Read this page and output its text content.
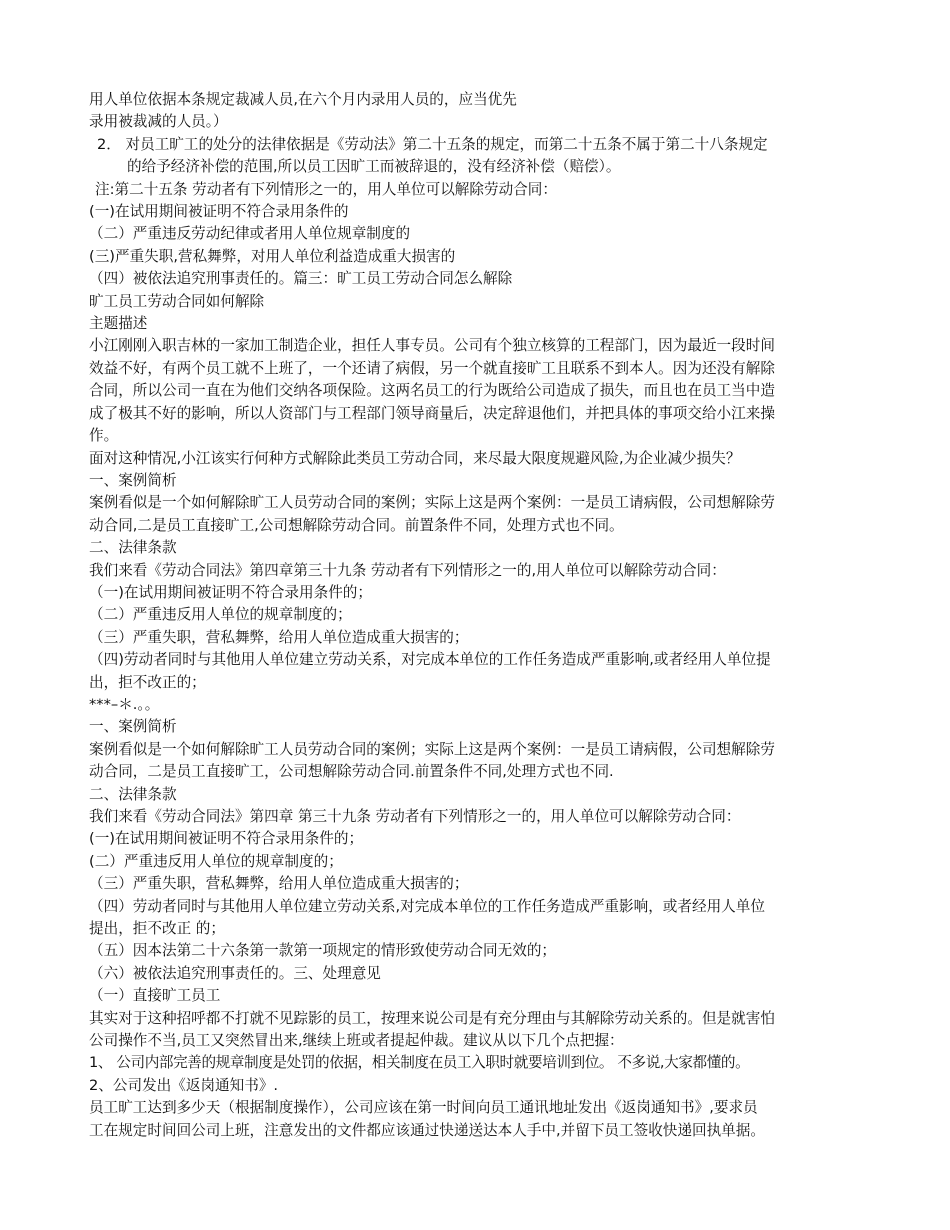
用人单位依据本条规定裁减人员,在六个月内录用人员的，应当优先

录用被裁减的人员。）

2． 对员工旷工的处分的法律依据是《劳动法》第二十五条的规定，而第二十五条不属于第二十八条规定

的给予经济补偿的范围,所以员工因旷工而被辞退的，没有经济补偿（赔偿）。

注:第二十五条 劳动者有下列情形之一的，用人单位可以解除劳动合同：

(一)在试用期间被证明不符合录用条件的

（二）严重违反劳动纪律或者用人单位规章制度的

(三)严重失职,营私舞弊，对用人单位利益造成重大损害的

（四）被依法追究刑事责任的。篇三：旷工员工劳动合同怎么解除

旷工员工劳动合同如何解除

主题描述

小江刚刚入职吉林的一家加工制造企业，担任人事专员。公司有个独立核算的工程部门，因为最近一段时间

效益不好，有两个员工就不上班了，一个还请了病假，另一个就直接旷工且联系不到本人。因为还没有解除

合同，所以公司一直在为他们交纳各项保险。这两名员工的行为既给公司造成了损失，而且也在员工当中造

成了极其不好的影响，所以人资部门与工程部门领导商量后，决定辞退他们，并把具体的事项交给小江来操

作。

面对这种情况,小江该实行何种方式解除此类员工劳动合同，来尽最大限度规避风险,为企业减少损失？

一、案例简析

案例看似是一个如何解除旷工人员劳动合同的案例；实际上这是两个案例：一是员工请病假，公司想解除劳

动合同,二是员工直接旷工,公司想解除劳动合同。前置条件不同，处理方式也不同。

二、法律条款

我们来看《劳动合同法》第四章第三十九条 劳动者有下列情形之一的,用人单位可以解除劳动合同：

（一)在试用期间被证明不符合录用条件的；

（二）严重违反用人单位的规章制度的；

（三）严重失职，营私舞弊，给用人单位造成重大损害的；

（四)劳动者同时与其他用人单位建立劳动关系，对完成本单位的工作任务造成严重影响,或者经用人单位提

出，拒不改正的；

***–＊.。。

一、案例简析

案例看似是一个如何解除旷工人员劳动合同的案例；实际上这是两个案例：一是员工请病假，公司想解除劳

动合同，二是员工直接旷工，公司想解除劳动合同.前置条件不同,处理方式也不同.

二、法律条款

我们来看《劳动合同法》第四章 第三十九条 劳动者有下列情形之一的，用人单位可以解除劳动合同：

(一)在试用期间被证明不符合录用条件的；

(二）严重违反用人单位的规章制度的；

（三）严重失职，营私舞弊，给用人单位造成重大损害的；

（四）劳动者同时与其他用人单位建立劳动关系,对完成本单位的工作任务造成严重影响，或者经用人单位

提出，拒不改正 的；

（五）因本法第二十六条第一款第一项规定的情形致使劳动合同无效的；

（六）被依法追究刑事责任的。三、处理意见

（一）直接旷工员工

其实对于这种招呼都不打就不见踪影的员工，按理来说公司是有充分理由与其解除劳动关系的。但是就害怕

公司操作不当,员工又突然冒出来,继续上班或者提起仲裁。建议从以下几个点把握：

1、 公司内部完善的规章制度是处罚的依据，相关制度在员工入职时就要培训到位。 不多说,大家都懂的。

2、公司发出《返岗通知书》.

员工旷工达到多少天（根据制度操作），公司应该在第一时间向员工通讯地址发出《返岗通知书》,要求员

工在规定时间回公司上班，注意发出的文件都应该通过快递送达本人手中,并留下员工签收快递回执单据。
